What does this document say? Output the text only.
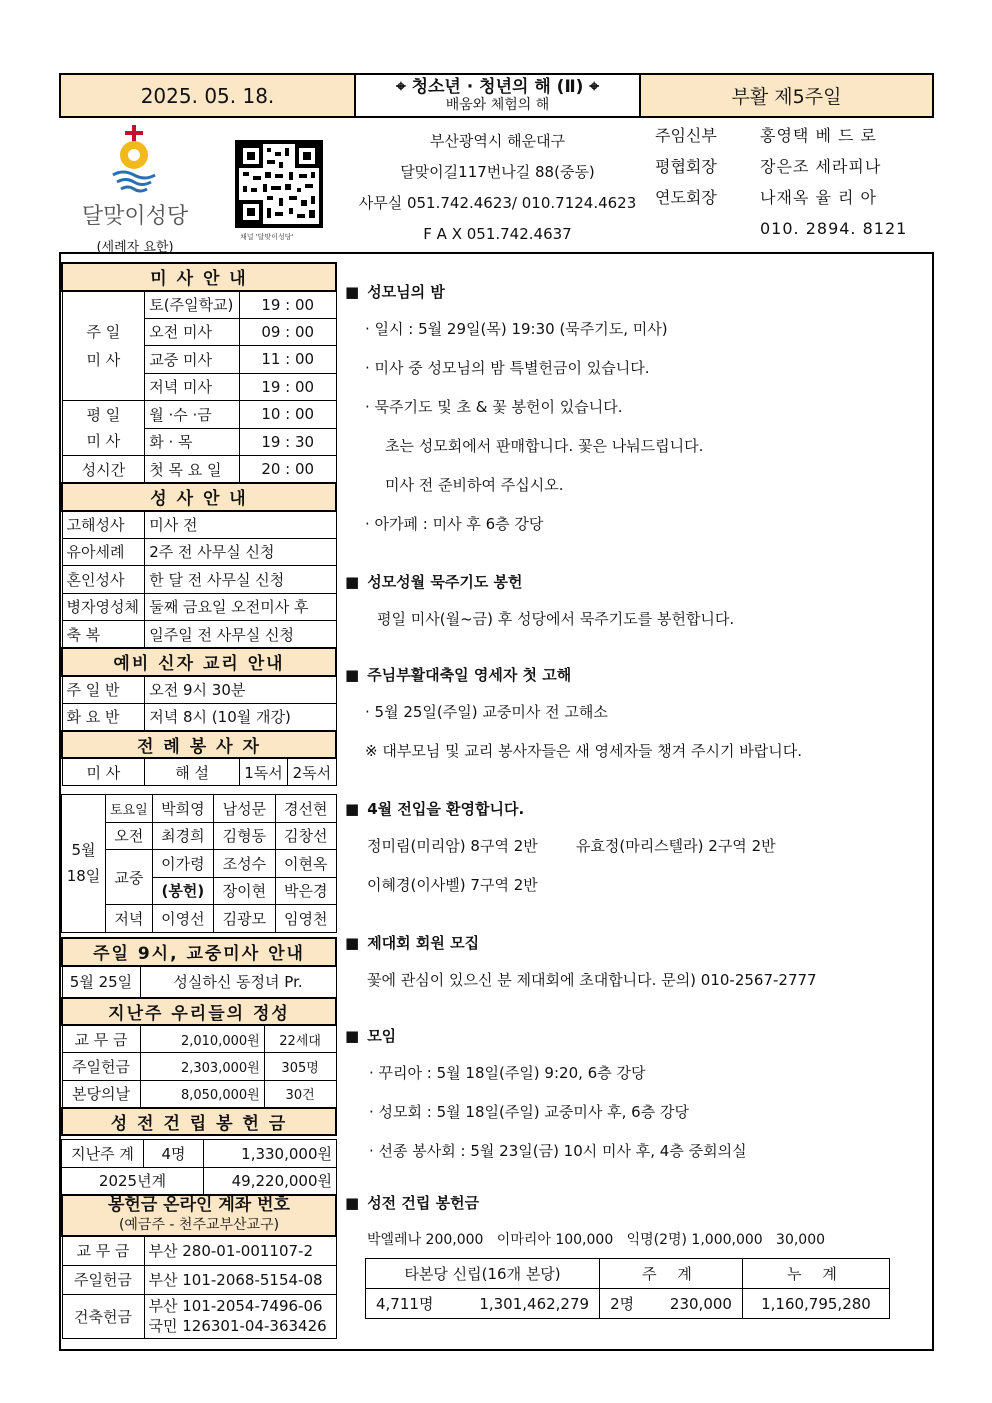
2025. 05. 18.	⌖ 청소년 · 청년의 해 (Ⅱ) ⌖
배움와 체험의 해	부활 제5주일
달맞이성당
(세례자 요한)
채널 '달맞이성당'
부산광역시 해운대구
달맞이길117번나길 88(중동)
사무실 051.742.4623/ 010.7124.4623
F A X 051.742.4637
주임신부	홍영택 베 드 로
평협회장	장은조 세라피나
연도회장	나재옥 율 리 아
010. 2894. 8121
미 사 안 내			
주 일
미 사	토(주일학교)	19 : 00	
	오전 미사	09 : 00	
	교중 미사	11 : 00	
	저녁 미사	19 : 00	
평 일
미 사	월 ·수 ·금	10 : 00	
	화 · 목	19 : 30	
성시간	첫 목 요 일	20 : 00	
성 사 안 내			
고해성사	미사 전		
유아세례	2주 전 사무실 신청		
혼인성사	한 달 전 사무실 신청		
병자영성체	둘째 금요일 오전미사 후		
축 복	일주일 전 사무실 신청		
예비 신자 교리 안내			
주 일 반	오전 9시 30분		
화 요 반	저녁 8시 (10월 개강)		
전 례 봉 사 자			
미 사	해 설	1독서	2독서
5월
18일	토요일	박희영	남성문	경선현
	오전	최경희	김형동	김창선
	교중	이가령	조성수	이현옥
		(봉헌)	장이현	박은경
	저녁	이영선	김광모	임영천
주일 9시, 교중미사 안내		
5월 25일	성실하신 동정녀 Pr.	
지난주 우리들의 정성		
교 무 금	2,010,000원	22세대
주일헌금	2,303,000원	305명
본당의날	8,050,000원	30건
성 전 건 립 봉 헌 금		
지난주 계	4명	1,330,000원
2025년계		49,220,000원
봉헌금 온라인 계좌 번호
(예금주 - 천주교부산교구)	
교 무 금	부산 280-01-001107-2
주일헌금	부산 101-2068-5154-08
건축헌금	부산 101-2054-7496-06
국민 126301-04-363426
■ 성모님의 밤
· 일시 : 5월 29일(목) 19:30 (묵주기도, 미사)
· 미사 중 성모님의 밤 특별헌금이 있습니다.
· 묵주기도 및 초 & 꽃 봉헌이 있습니다.
초는 성모회에서 판매합니다. 꽃은 나눠드립니다.
미사 전 준비하여 주십시오.
· 아가페 : 미사 후 6층 강당
■ 성모성월 묵주기도 봉헌
평일 미사(월~금) 후 성당에서 묵주기도를 봉헌합니다.
■ 주님부활대축일 영세자 첫 고해
· 5월 25일(주일) 교중미사 전 고해소
※ 대부모님 및 교리 봉사자들은 새 영세자들 챙겨 주시기 바랍니다.
■ 4월 전입을 환영합니다.
정미림(미리암) 8구역 2반        유효정(마리스텔라) 2구역 2반
이혜경(이사벨) 7구역 2반
■ 제대회 회원 모집
꽃에 관심이 있으신 분 제대회에 초대합니다. 문의) 010-2567-2777
■ 모임
· 꾸리아 : 5월 18일(주일) 9:20, 6층 강당
· 성모회 : 5월 18일(주일) 교중미사 후, 6층 강당
· 선종 봉사회 : 5월 23일(금) 10시 미사 후, 4층 중회의실
■ 성전 건립 봉헌금
박엘레나 200,000   이마리아 100,000   익명(2명) 1,000,000   30,000
타본당 신립(16개 본당)		주 계		누 계
4,711명	1,301,462,279	2명	230,000	1,160,795,280
